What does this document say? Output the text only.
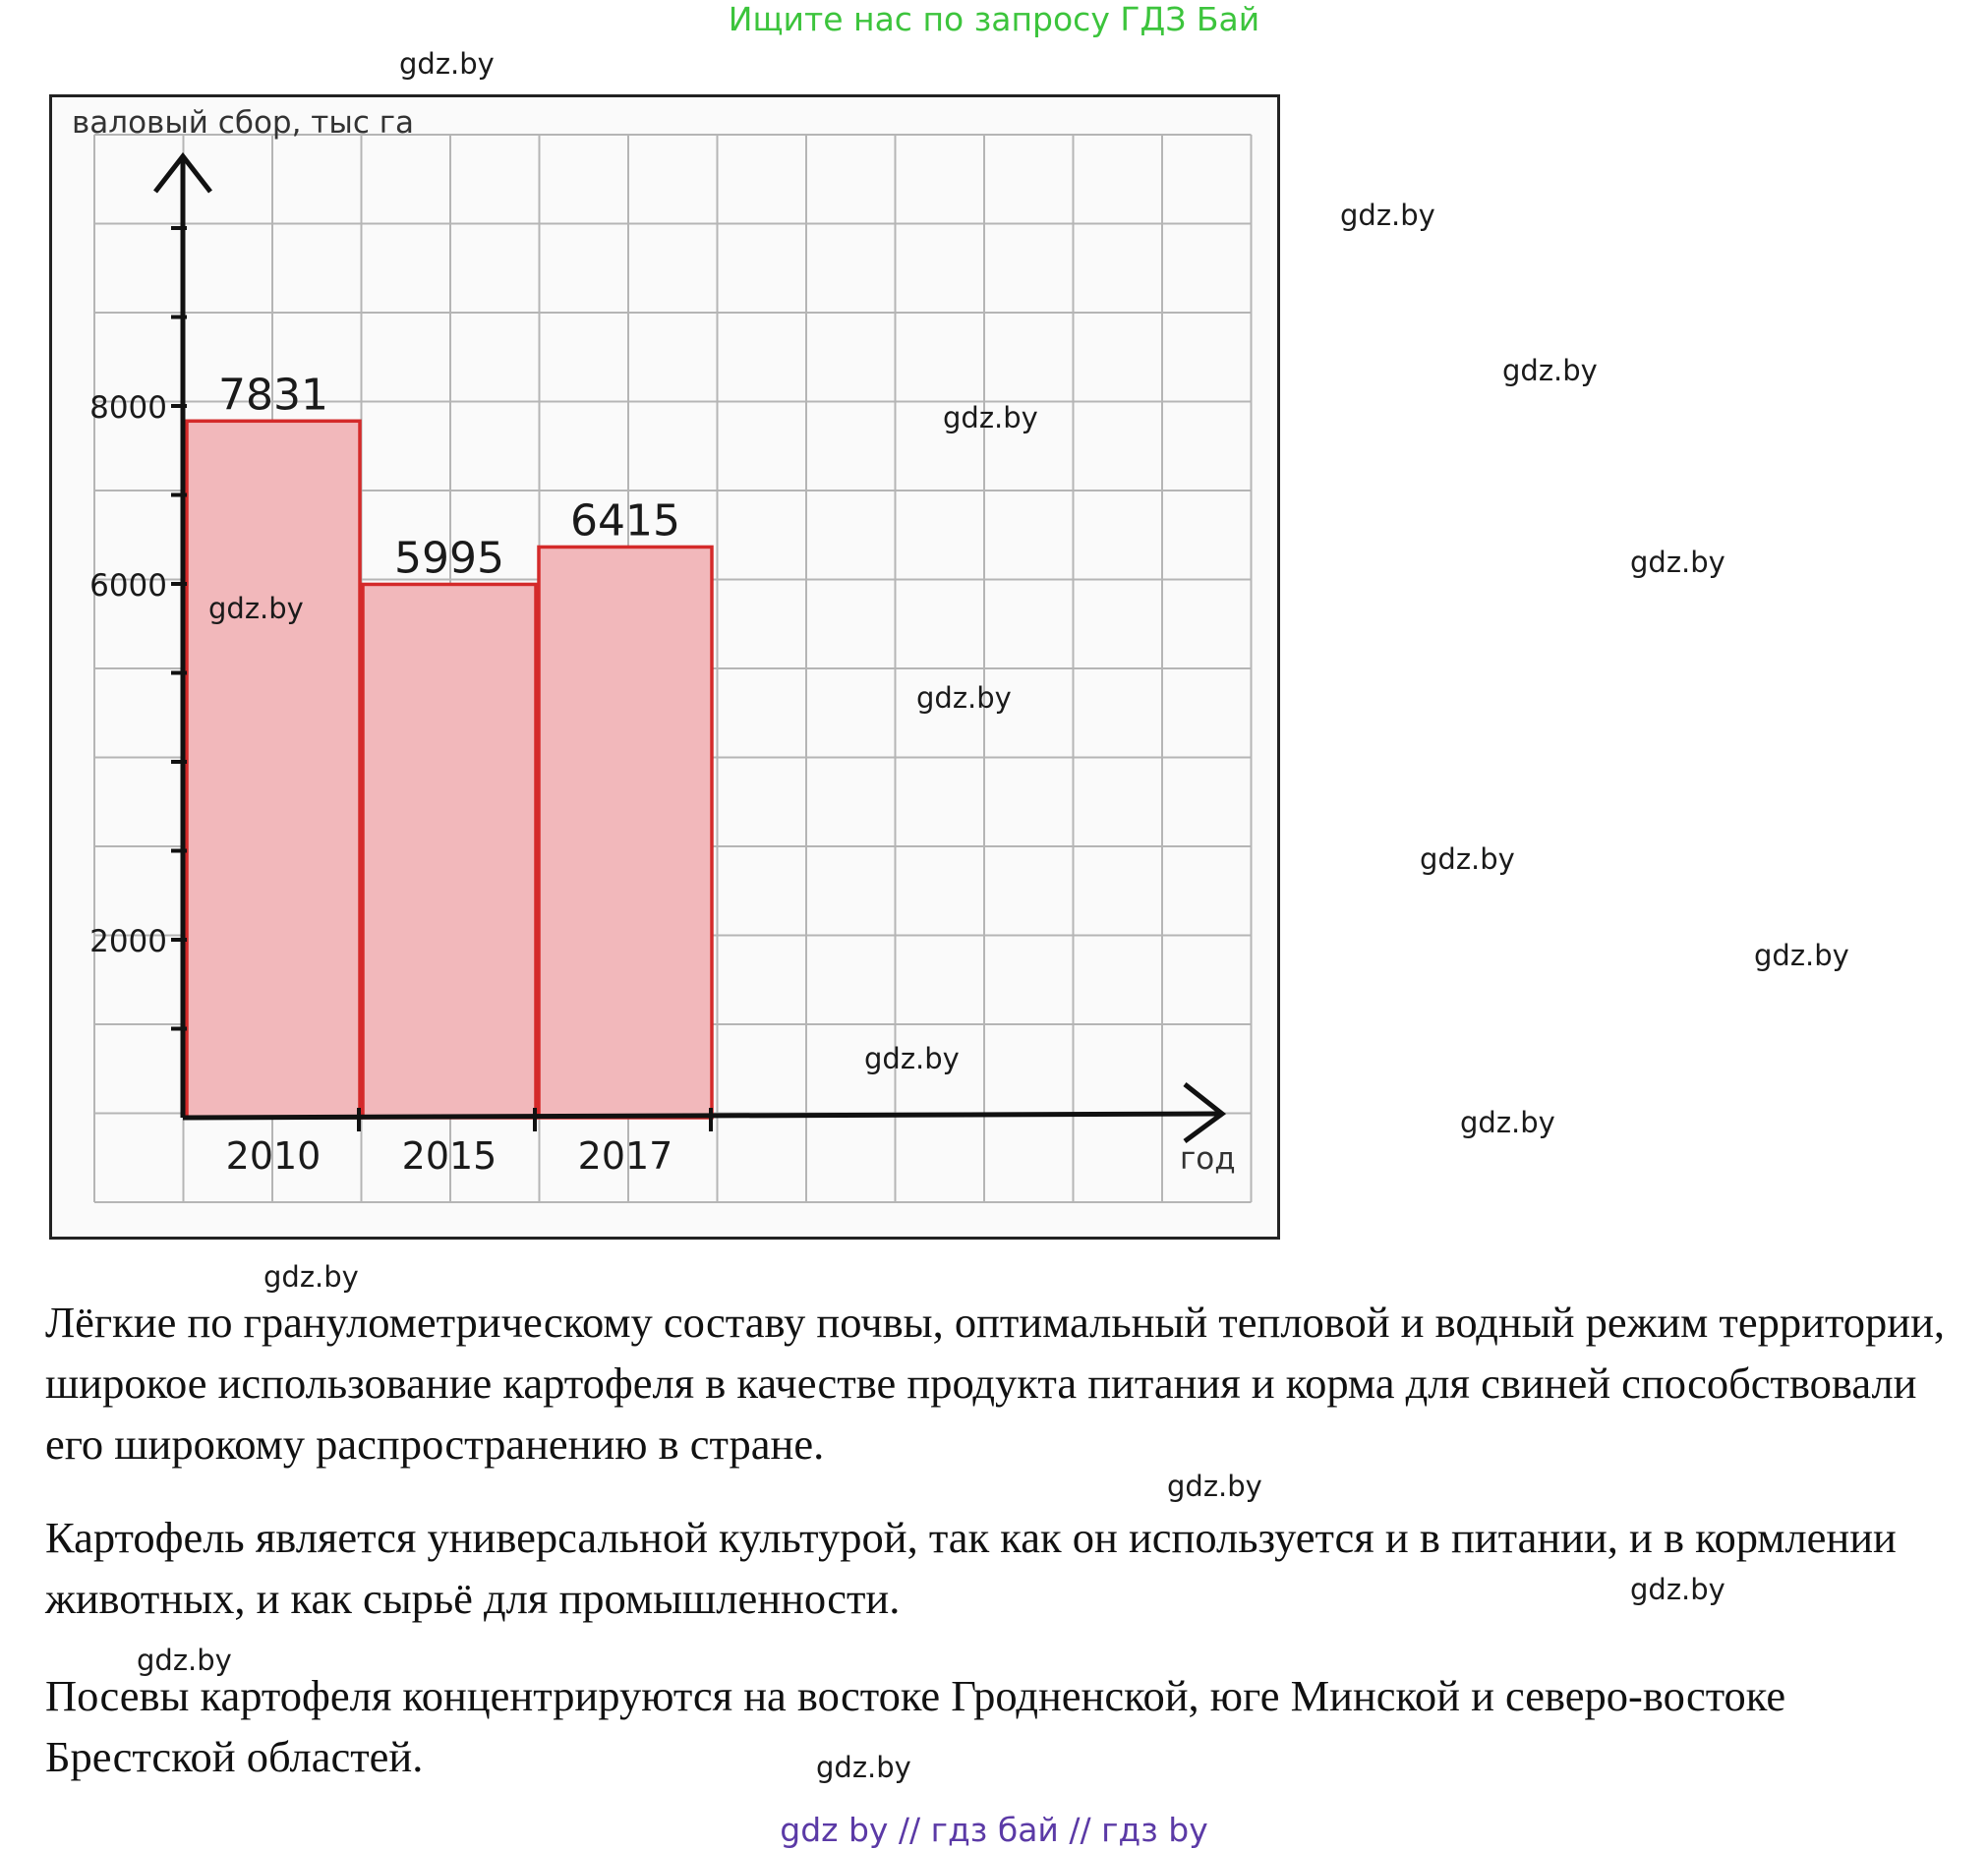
Ищите нас по запросу ГДЗ Бай
7831
2010
5995
2015
6415
2017
8000
6000
2000
валовый сбор, тыс га
год
gdz.by
gdz.by
gdz.by
gdz.by
gdz.by
gdz.by
gdz.by
gdz.by
gdz.by
gdz.by
gdz.by
gdz.by
gdz.by
gdz.by
gdz.by
gdz.by

Лёгкие по гранулометрическому составу почвы, оптимальный тепловой и водный режим территории, широкое использование картофеля в качестве продукта питания и корма для свиней способствовали его широкому распространению в стране.

Картофель является универсальной культурой, так как он используется и в питании, и в кормлении животных, и как сырьё для промышленности.

Посевы картофеля концентрируются на востоке Гродненской, юге Минской и северо-востоке Брестской областей.

gdz by // гдз бай // гдз by
